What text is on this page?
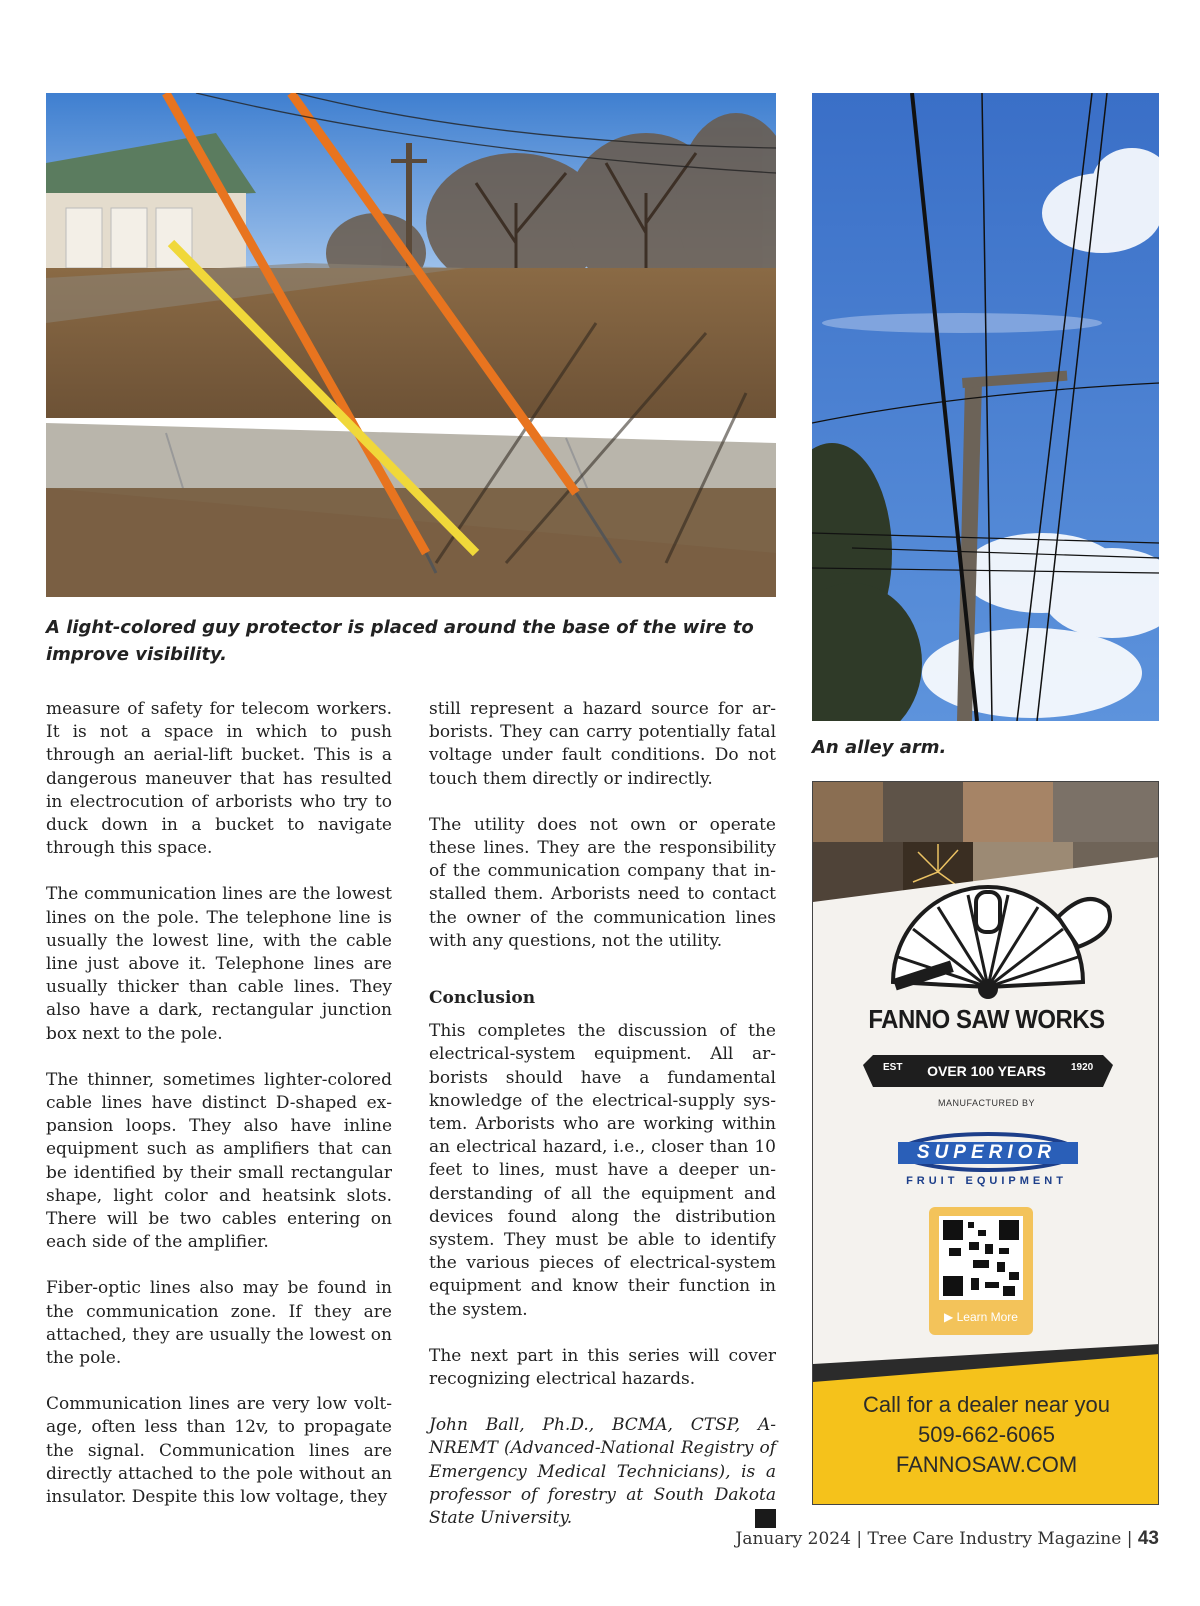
A light-colored guy protector is placed around the base of the wire to improve visibility.
An alley arm.

measure of safety for telecom workers. It is not a space in which to push through an aerial-lift bucket. This is a dangerous maneuver that has resulted in electrocution of arborists who try to duck down in a bucket to navigate through this space.

The communication lines are the lowest lines on the pole. The telephone line is usually the lowest line, with the cable line just above it. Telephone lines are usually thicker than cable lines. They also have a dark, rectangular junction box next to the pole.

The thinner, sometimes lighter-colored cable lines have distinct D-shaped expansion loops. They also have inline equipment such as amplifiers that can be identified by their small rectangular shape, light color and heatsink slots. There will be two cables entering on each side of the amplifier.

Fiber-optic lines also may be found in the communication zone. If they are attached, they are usually the lowest on the pole.

Communication lines are very low voltage, often less than 12v, to propagate the signal. Communication lines are directly attached to the pole without an insulator. Despite this low voltage, they

still represent a hazard source for arborists. They can carry potentially fatal voltage under fault conditions. Do not touch them directly or indirectly.

The utility does not own or operate these lines. They are the responsibility of the communication company that installed them. Arborists need to contact the owner of the communication lines with any questions, not the utility.

Conclusion

This completes the discussion of the electrical-system equipment. All arborists should have a fundamental knowledge of the electrical-supply system. Arborists who are working within an electrical hazard, i.e., closer than 10 feet to lines, must have a deeper understanding of all the equipment and devices found along the distribution system. They must be able to identify the various pieces of electrical-system equipment and know their function in the system.

The next part in this series will cover recognizing electrical hazards.

John Ball, Ph.D., BCMA, CTSP, A-NREMT (Advanced-National Registry of Emergency Medical Technicians), is a professor of forestry at South Dakota State University.

FANNO SAW WORKS
EST	OVER 100 YEARS	1920
MANUFACTURED BY
SUPERIOR
FRUIT EQUIPMENT
▶︎ Learn More
Call for a dealer near you
509-662-6065
FANNOSAW.COM
January 2024 | Tree Care Industry Magazine | 43
